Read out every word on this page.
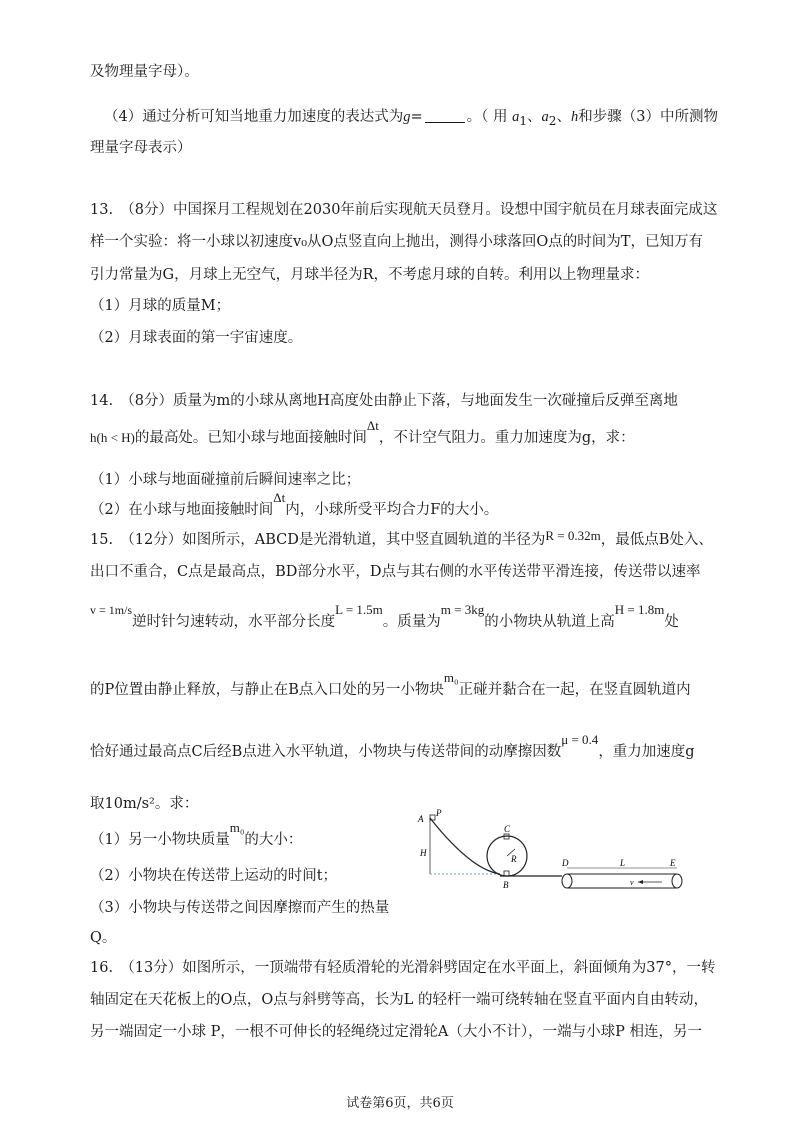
及物理量字母）。
（4）通过分析可知当地重力加速度的表达式为g=	。（ 用 $a_1$、$a_2$、h和步骤（3）中所测物
理量字母表示）
13.　（8分）中国探月工程规划在2030年前后实现航天员登月。设想中国宇航员在月球表面完成这
样一个实验：将一小球以初速度v₀从O点竖直向上抛出，测得小球落回O点的时间为T，已知万有
引力常量为G，月球上无空气，月球半径为R，不考虑月球的自转。利用以上物理量求：
（1）月球的质量M；
（2）月球表面的第一宇宙速度。
14.　（8分）质量为m的小球从离地H高度处由静止下落，与地面发生一次碰撞后反弹至离地
h(h < H)的最高处。已知小球与地面接触时间Δt，不计空气阻力。重力加速度为g，求：
（1）小球与地面碰撞前后瞬间速率之比；
（2）在小球与地面接触时间Δt内，小球所受平均合力F的大小。
15.　（12分）如图所示，ABCD是光滑轨道，其中竖直圆轨道的半径为R = 0.32m，最低点B处入、
出口不重合，C点是最高点，BD部分水平，D点与其右侧的水平传送带平滑连接，传送带以速率
$^{v = 1m/s}$逆时针匀速转动，水平部分长度L = 1.5m。质量为m = 3kg的小物块从轨道上高H = 1.8m处
的P位置由静止释放，与静止在B点入口处的另一小物块m₀正碰并黏合在一起，在竖直圆轨道内
恰好通过最高点C后经B点进入水平轨道，小物块与传送带间的动摩擦因数μ = 0.4，重力加速度g
取10m/s²。求：
（1）另一小物块质量m₀的大小：
（2）小物块在传送带上运动的时间t；
（3）小物块与传送带之间因摩擦而产生的热量
Q。
A
P
H
C
R
B
D	E
L
v
16.　（13分）如图所示，一顶端带有轻质滑轮的光滑斜劈固定在水平面上，斜面倾角为37°，一转
轴固定在天花板上的O点，O点与斜劈等高，长为L 的轻杆一端可绕转轴在竖直平面内自由转动，
另一端固定一小球 P，一根不可伸长的轻绳绕过定滑轮A（大小不计），一端与小球P 相连，另一
试卷第6页，共6页
